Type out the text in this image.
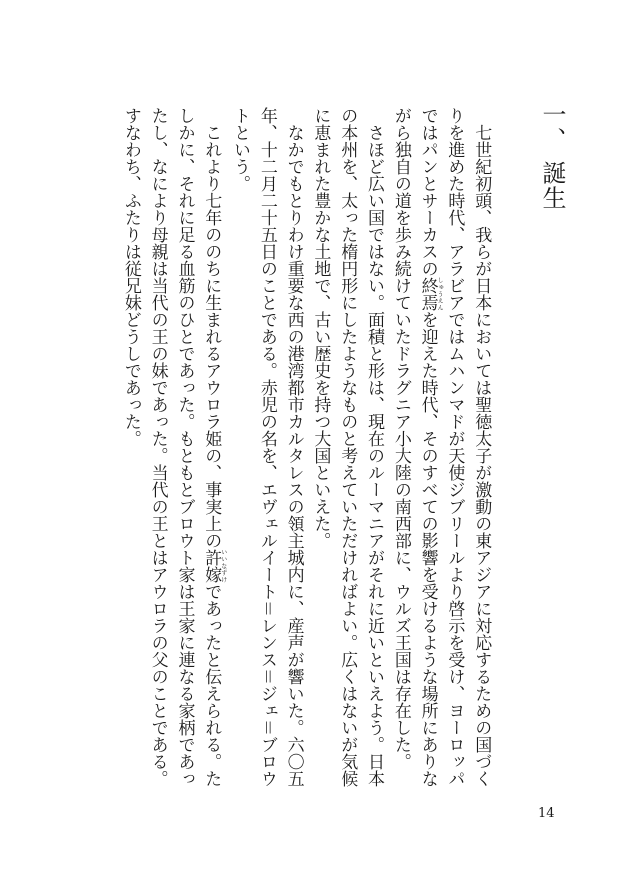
一、 誕生

　七世紀初頭、我らが日本においては聖徳太子が激動の東アジアに対応するための国づくりを進めた時代、アラビアではムハンマドが天使ジブリールより啓示を受け、ヨーロッパではパンとサーカスの終焉しゅうえんを迎えた時代、そのすべての影響を受けるような場所にありながら独自の道を歩み続けていたドラグニア小大陸の南西部に、ウルズ王国は存在した。

　さほど広い国ではない。面積と形は、現在のルーマニアがそれに近いといえよう。日本の本州を、太った楕円形にしたようなものと考えていただければよい。広くはないが気候に恵まれた豊かな土地で、古い歴史を持つ大国といえた。

　なかでもとりわけ重要な西の港湾都市カルタレスの領主城内に、産声が響いた。六〇五年、十二月二十五日のことである。赤児の名を、エヴェルイート＝レンス＝ジェ＝ブロウトという。

　これより七年ののちに生まれるアウロラ姫の、事実上の許嫁いいなずけであったと伝えられる。たしかに、それに足る血筋のひとであった。もともとブロウト家は王家に連なる家柄であったし、なにより母親は当代の王の妹であった。当代の王とはアウロラの父のことである。すなわち、ふたりは従兄妹どうしであった。

14
